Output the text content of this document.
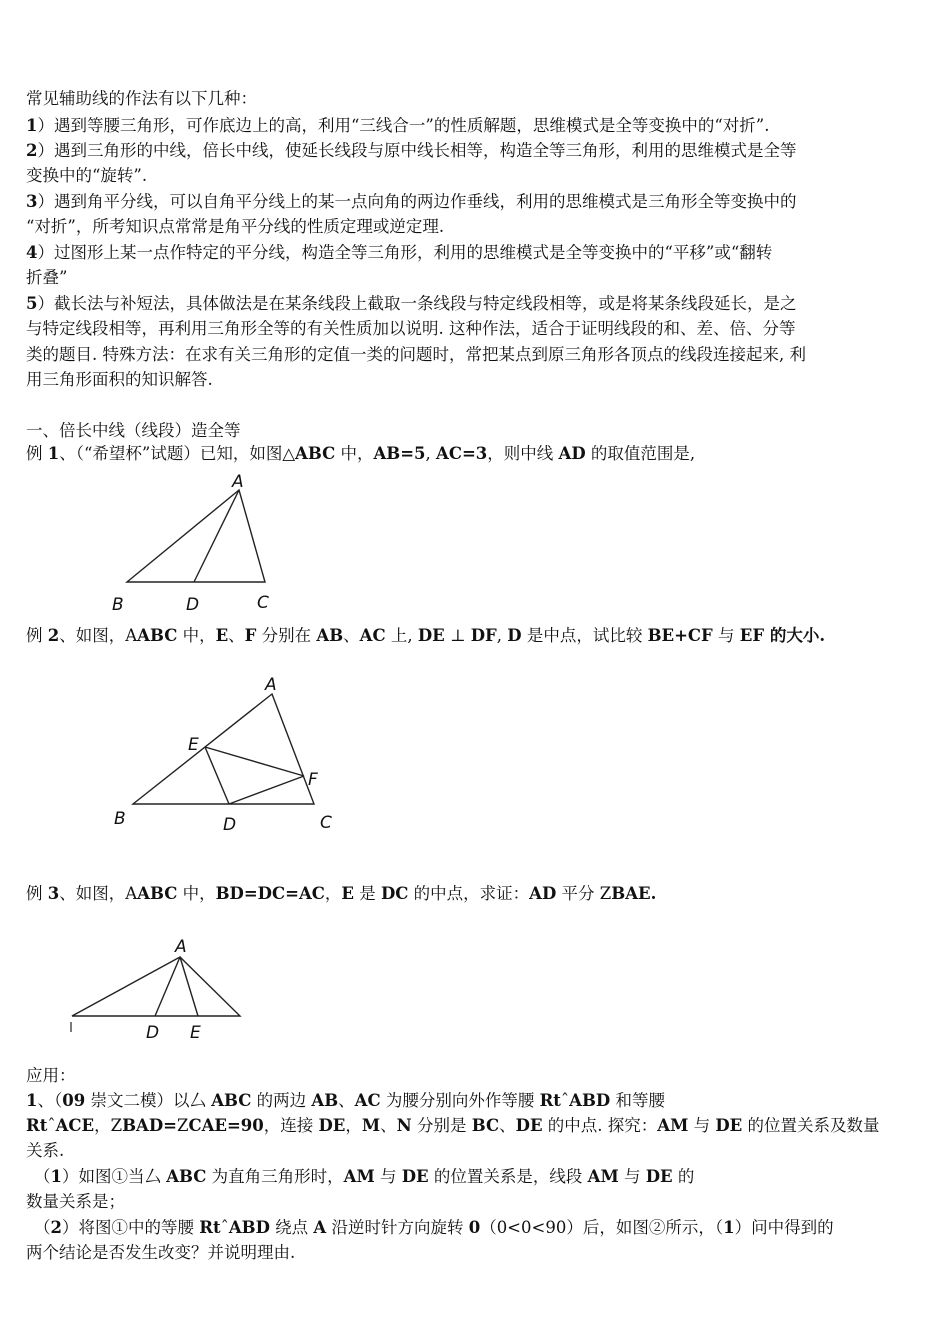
常见辅助线的作法有以下几种：
1）遇到等腰三角形，可作底边上的高，利用“三线合一”的性质解题，思维模式是全等变换中的“对折”.
2）遇到三角形的中线，倍长中线，使延长线段与原中线长相等，构造全等三角形，利用的思维模式是全等
变换中的“旋转”.
3）遇到角平分线，可以自角平分线上的某一点向角的两边作垂线，利用的思维模式是三角形全等变换中的
“对折”，所考知识点常常是角平分线的性质定理或逆定理.
4）过图形上某一点作特定的平分线，构造全等三角形，利用的思维模式是全等变换中的“平移”或“翻转
折叠”
5）截长法与补短法，具体做法是在某条线段上截取一条线段与特定线段相等，或是将某条线段延长，是之
与特定线段相等，再利用三角形全等的有关性质加以说明. 这种作法，适合于证明线段的和、差、倍、分等
类的题目. 特殊方法：在求有关三角形的定值一类的问题时，常把某点到原三角形各顶点的线段连接起来, 利
用三角形面积的知识解答.
一、倍长中线（线段）造全等
例 1、（“希望杯”试题）已知，如图△ABC 中，AB=5, AC=3，则中线 AD 的取值范围是,
A
B	D	C
例 2、如图，AABC 中，E、F 分别在 AB、AC 上, DE ⊥ DF, D 是中点，试比较 BE+CF 与 EF 的大小.
A
E
F
B	D	C
例 3、如图，AABC 中，BD=DC=AC，E 是 DC 的中点，求证：AD 平分 ZBAE.
A
D E
应用：
1、（09 崇文二模）以厶 ABC 的两边 AB、AC 为腰分别向外作等腰 RtˆABD 和等腰
RtˆACE，ZBAD=ZCAE=90，连接 DE，M、N 分别是 BC、DE 的中点. 探究：AM 与 DE 的位置关系及数量
关系.
（1）如图①当厶 ABC 为直角三角形时，AM 与 DE 的位置关系是，线段 AM 与 DE 的
数量关系是；
（2）将图①中的等腰 RtˆABD 绕点 A 沿逆时针方向旋转 0（0<0<90）后，如图②所示，（1）问中得到的
两个结论是否发生改变？并说明理由.
